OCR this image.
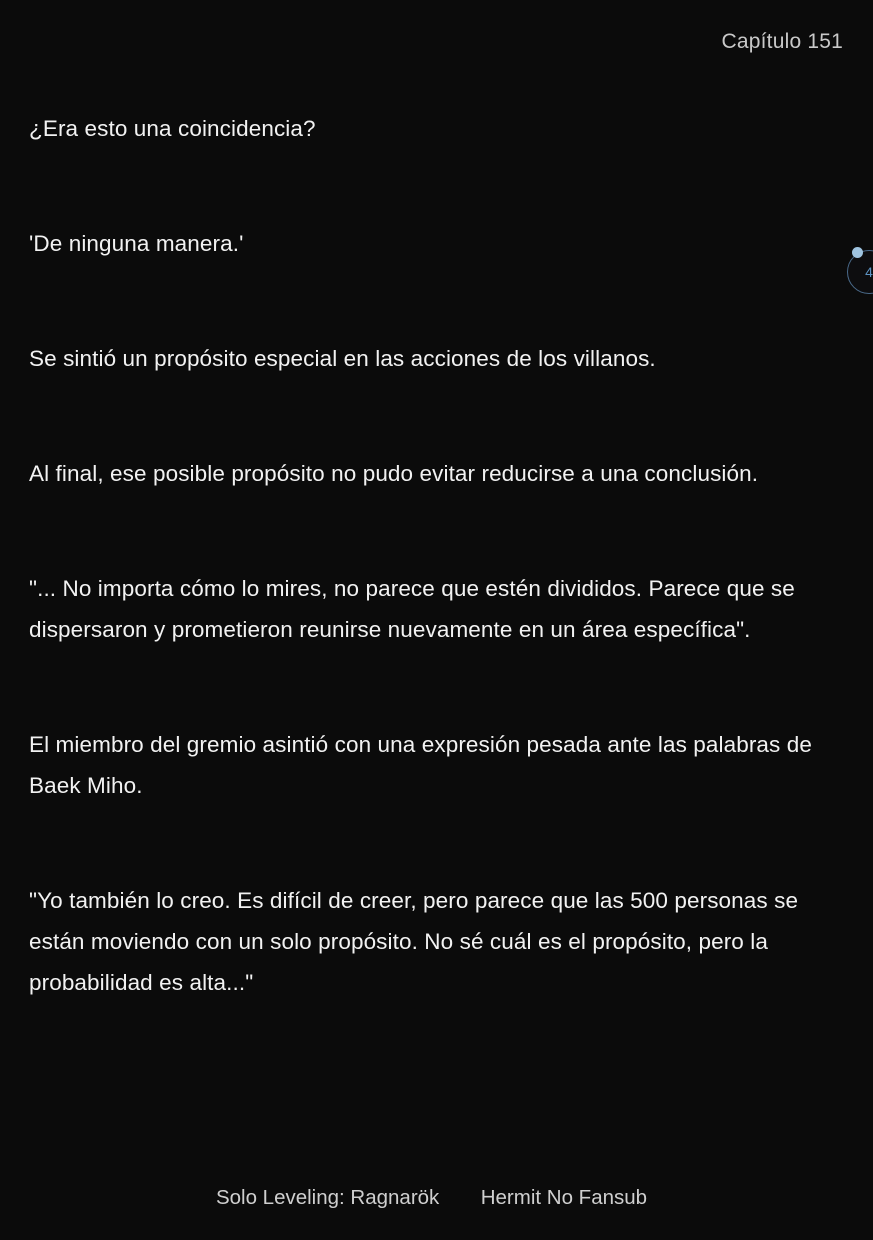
Capítulo 151

¿Era esto una coincidencia?

'De ninguna manera.'

Se sintió un propósito especial en las acciones de los villanos.

Al final, ese posible propósito no pudo evitar reducirse a una conclusión.

"... No importa cómo lo mires, no parece que estén divididos. Parece que se dispersaron y prometieron reunirse nuevamente en un área específica".

El miembro del gremio asintió con una expresión pesada ante las palabras de Baek Miho.

"Yo también lo creo. Es difícil de creer, pero parece que las 500 personas se están moviendo con un solo propósito. No sé cuál es el propósito, pero la probabilidad es alta..."

4
Solo Leveling: Ragnarök Hermit No Fansub
